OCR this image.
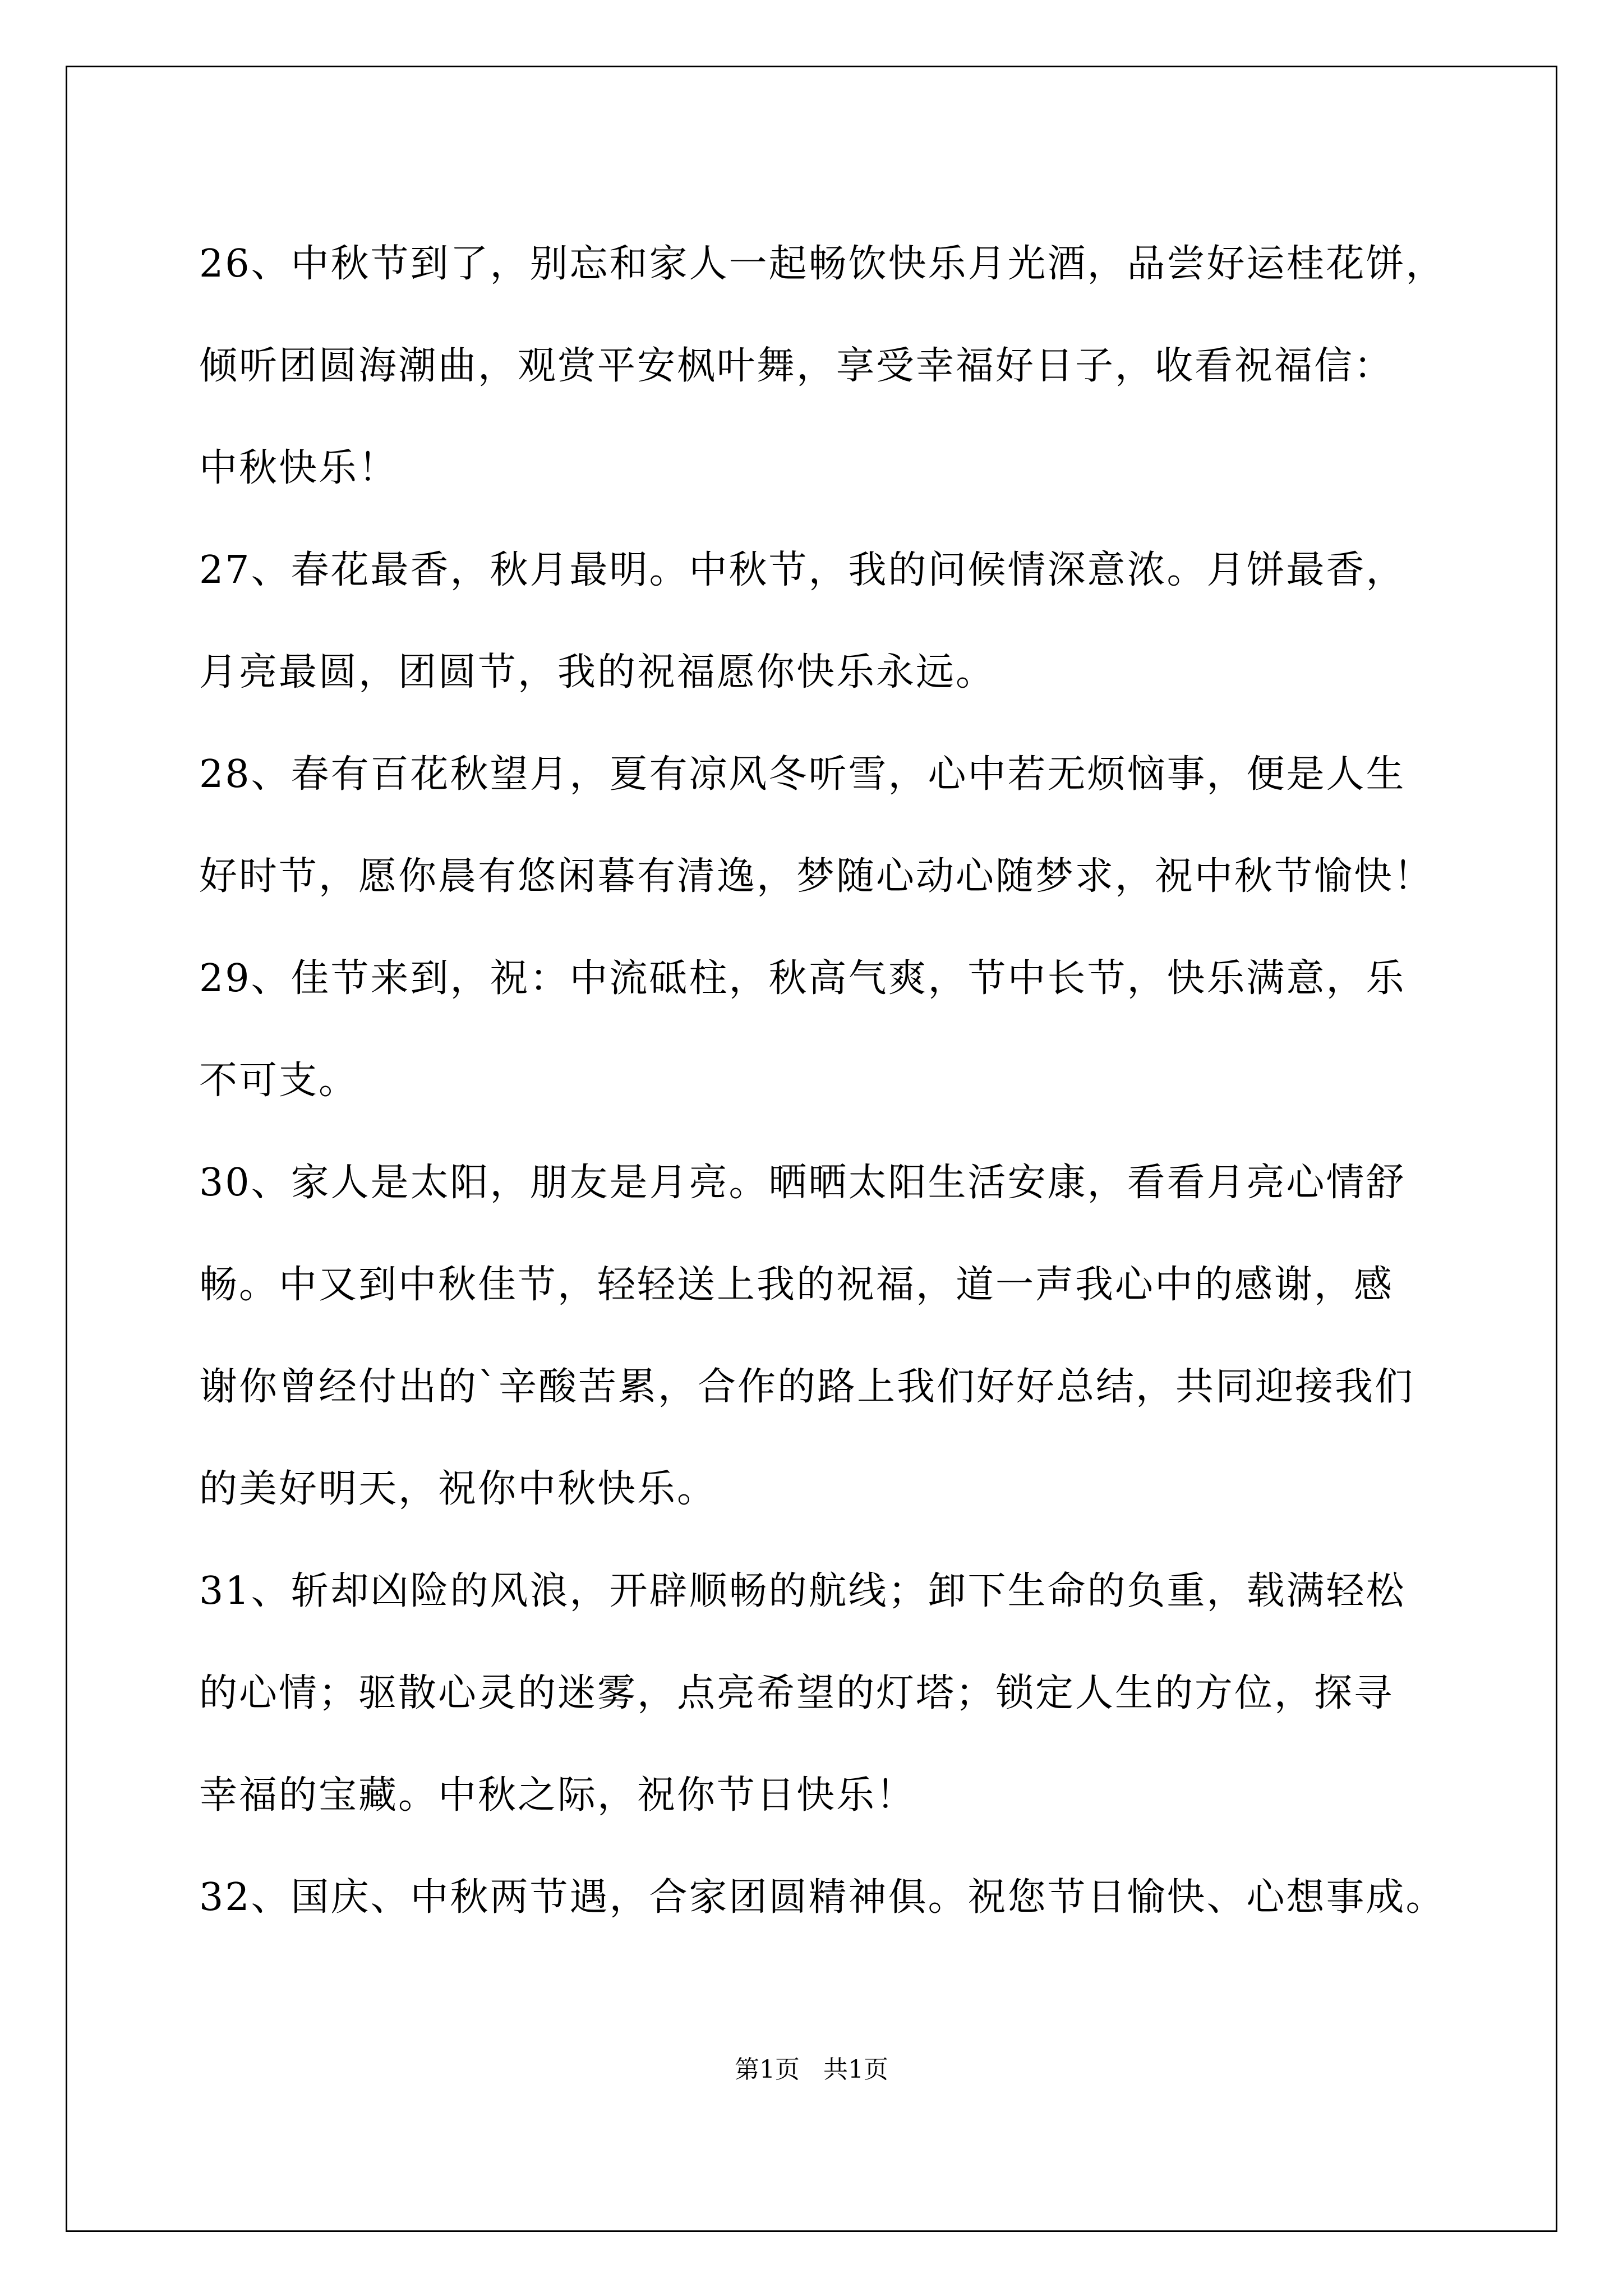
26、中秋节到了，别忘和家人一起畅饮快乐月光酒，品尝好运桂花饼，
倾听团圆海潮曲，观赏平安枫叶舞，享受幸福好日子，收看祝福信：
中秋快乐！
27、春花最香，秋月最明。中秋节，我的问候情深意浓。月饼最香，
月亮最圆，团圆节，我的祝福愿你快乐永远。
28、春有百花秋望月，夏有凉风冬听雪，心中若无烦恼事，便是人生
好时节，愿你晨有悠闲暮有清逸，梦随心动心随梦求，祝中秋节愉快！
29、佳节来到，祝：中流砥柱，秋高气爽，节中长节，快乐满意，乐
不可支。
30、家人是太阳，朋友是月亮。晒晒太阳生活安康，看看月亮心情舒
畅。中又到中秋佳节，轻轻送上我的祝福，道一声我心中的感谢，感
谢你曾经付出的`辛酸苦累，合作的路上我们好好总结，共同迎接我们
的美好明天，祝你中秋快乐。
31、斩却凶险的风浪，开辟顺畅的航线；卸下生命的负重，载满轻松
的心情；驱散心灵的迷雾，点亮希望的灯塔；锁定人生的方位，探寻
幸福的宝藏。中秋之际，祝你节日快乐！
32、国庆、中秋两节遇，合家团圆精神俱。祝您节日愉快、心想事成。
第1页   共1页
